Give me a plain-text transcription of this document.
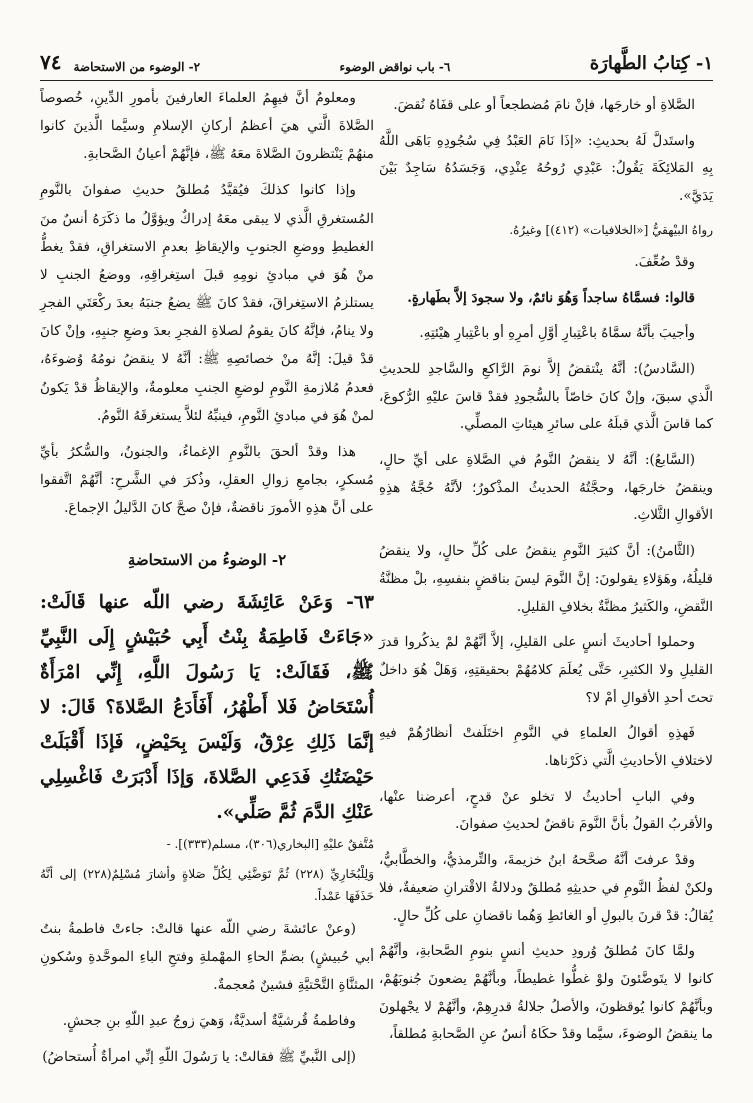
١- كِتابُ الطَّهارَة
٦- باب نواقض الوضوء
٢- الوضوء من الاستحاضة
٧٤

الصَّلاةِ أو خارجَها، فإنْ نامَ مُضطجعاً أو على قفَاهُ نُقضَ.

واستَدلَّ لَهُ بحديثِ: «إذَا نَامَ العَبْدُ فِي سُجُودِهِ بَاهَى اللَّهُ بِهِ المَلائِكَةَ يَقُولُ: عَبْدِي رُوحُهُ عِنْدِي، وَجَسَدُهُ سَاجِدٌ بَيْنَ يَدَيَّ».

رواهُ البيْهقيُّ [«الخلافيات» (٤١٢)] وغيرُهُ.

وقدْ ضُعِّفَ.

قالوا: فسمَّاهُ ساجداً وَهُوَ نائمٌ، ولا سجودَ إلاَّ بطَهارةٍ.

وأجيبَ بأنَّهُ سمَّاهُ باعْتِبارِ أوَّلِ أمرِهِ أو باعْتِبارِ هيْئتِهِ.

(السَّادسُ): أنَّهُ ينْتقضُ إلاَّ نومَ الرَّاكعِ والسَّاجدِ للحديثِ الَّذي سبقَ، وإنْ كانَ خاصّاً بالسُّجودِ فقدْ قاسَ عليْهِ الرُّكوعَ، كما قاسَ الَّذي قبلَهُ على سائرِ هيئاتِ المصلِّي.

(السَّابعُ): أنَّهُ لا ينقضُ النَّومُ في الصَّلاةِ على أيِّ حالٍ، وينقضُ خارجَها، وحجَّتُهُ الحديثُ المذْكورُ؛ لأنَّهُ حُجَّةُ هذِهِ الأقوالِ الثَّلاثِ.

(الثَّامنُ): أنَّ كثيرَ النَّومِ ينقضُ على كُلِّ حالٍ، ولا ينقضُ قليلُهُ، وهَؤلاءِ يقولونَ: إنَّ النَّومَ ليسَ بناقضٍ بنفسِهِ، بلْ مظنَّةُ النَّقضِ، والكَثيرُ مظنَّةٌ بخلافِ القليلِ.

وحملوا أحاديثَ أنسٍ على القليلِ، إلاَّ أنَّهُمْ لمْ يذكُروا قدرَ القليلِ ولا الكثيرِ، حَتَّى يُعلَمَ كلامُهُمْ بحقيقتِهِ، وَهَلْ هُوَ داخلٌ تحتَ أحدِ الأقوالِ أمْ لا؟

فَهذِهِ أقوالُ العلماءِ في النَّومِ اختَلَفتْ أنظارُهُمْ فيهِ لاختلافِ الأحاديثِ الَّتي ذكَرْناها.

وفي البابِ أحاديثُ لا تخلو عنْ قدحٍ، أعرضنا عنْها، والأقربُ القولُ بأنَّ النَّومَ ناقضٌ لحديثِ صفوانَ.

وقدْ عرفتَ أنَّهُ صحَّحهُ ابنُ خزيمةَ، والتِّرمذيُّ، والخطَّابيُّ، ولكنْ لفظُ النَّومِ في حديثِهِ مُطلقٌ ودلالةُ الاقْترانِ ضعيفةٌ، فلا يُقالُ: قدْ قرنَ بالبولِ أو الغائطِ وَهُما ناقضانِ على كُلِّ حالٍ.

ولمَّا كانَ مُطلقُ وُرودِ حديثِ أنسٍ بنومِ الصَّحابةِ، وأنَّهُمْ كانوا لا يتَوضَّئونَ ولوْ غطُّوا غطيطاً، وبأنَّهُمْ يضعونَ جُنوبَهُمْ، وبأنَّهُمْ كانوا يُوقظونَ، والأصلُ جلالةُ قدرِهِمْ، وأنَّهُمْ لا يجْهلونَ ما ينقضُ الوضوءَ، سيَّما وقدْ حكَاهُ أنسٌ عنِ الصَّحابةِ مُطلقاً،

ومعلومٌ أنَّ فيهِمُ العلماءَ العارفينَ بأمورِ الدِّينِ، خُصوصاً الصَّلاةَ الَّتي هيَ أعظمُ أركانِ الإسلامِ وسيَّما الَّذينَ كانوا منهُمْ يَنْتظرونَ الصَّلاةَ معَهُ ﷺ، فإنَّهُمْ أعيانُ الصَّحابةِ.

وإذا كانوا كذلكَ فيُقيَّدُ مُطلقُ حديثِ صفوانَ بالنَّومِ المُستغرقِ الَّذي لا يبقى معَهُ إدراكٌ ويؤوَّلُ ما ذكَرَهُ أنسٌ منَ الغطيطِ ووضعِ الجنوبِ والإيقاظِ بعدمِ الاستغراقِ، فقدْ يغطُّ منْ هُوَ في مبادئِ نومِهِ قبلَ استِغراقِهِ، ووضعُ الجنبِ لا يستلزمُ الاستِغراقَ، فقدْ كانَ ﷺ يضعُ جنبَهُ بعدَ ركْعَتَي الفجرِ ولا ينامُ، فإنَّهُ كانَ يقومُ لصلاةِ الفجرِ بعدَ وضعِ جنبِهِ، وإنْ كانَ قدْ قيلَ: إنَّهُ منْ خصائصِهِ ﷺ: أنَّهُ لا ينقضُ نومُهُ وُضوءَهُ، فعدمُ مُلازمةِ النَّومِ لوضعِ الجنبِ معلومةٌ، والإيقاظُ قدْ يَكونُ لمنْ هُوَ في مبادئِ النَّومِ، فينبِّهُ لئلاَّ يستغرقَهُ النَّومُ.

هذا وقدْ ألحقَ بالنَّومِ الإغماءُ، والجنونُ، والسُّكرُ بأيِّ مُسكرٍ، بجامعِ زوالِ العقلِ، وذُكرَ في الشَّرحِ: أنَّهُمْ اتَّفقوا على أنَّ هذِهِ الأمورَ ناقضةٌ، فإنْ صحَّ كانَ الدَّليلُ الإجماعَ.

٢- الوضوءُ من الاستحاضةِ

٦٣- وَعَنْ عَائِشَةَ رضي اللّه عنها قَالَتْ: «جَاءَتْ فَاطِمَةُ بِنْتُ أَبِي حُبَيْشٍ إِلَى النَّبِيِّ ﷺ، فَقَالَتْ: يَا رَسُولَ اللَّهِ، إِنِّي امْرَأَةٌ أُسْتَحَاضُ فَلا أَطْهُرُ، أَفَأَدَعُ الصَّلاةَ؟ قَالَ: لا إنَّمَا ذَلِكِ عِرْقٌ، وَلَيْسَ بِحَيْضٍ، فَإذَا أَقْبَلَتْ حَيْضَتُكِ فَدَعِي الصَّلاةَ، وَإذَا أَدْبَرَتْ فَاغْسِلِي عَنْكِ الدَّمَ ثُمَّ صَلِّي».

مُتَّفقٌ عليْهِ [البخاري(٣٠٦)، مسلم(٣٣٣)]. -

وَلِلْبُخَارِيِّ (٢٢٨) ثُمَّ تَوَضَّئِي لِكُلِّ صَلاةٍ وأشارَ مُسْلِمٌ(٢٢٨) إلى أنَّهُ حَذَفَهَا عَمْداً.

(وعنْ عائشةَ رضي اللّه عنها قالتْ: جاءتْ فاطمةُ بنتُ أبي حُبيشٍ) بضمِّ الحاءِ المهْملةِ وفتحِ الباءِ الموحَّدةِ وسُكونِ المثنَّاةِ التَّحْتيَّةِ فشينٌ مُعجمةٌ.

وفاطمةُ قُرشيَّةٌ أسديَّةٌ، وَهيَ زوجُ عبدِ اللّهِ بنِ جحشٍ.

(إلى النَّبيِّ ﷺ فقالتْ: يا رَسُولَ اللّهِ إنِّي امرأةٌ أُستحاضُ)
